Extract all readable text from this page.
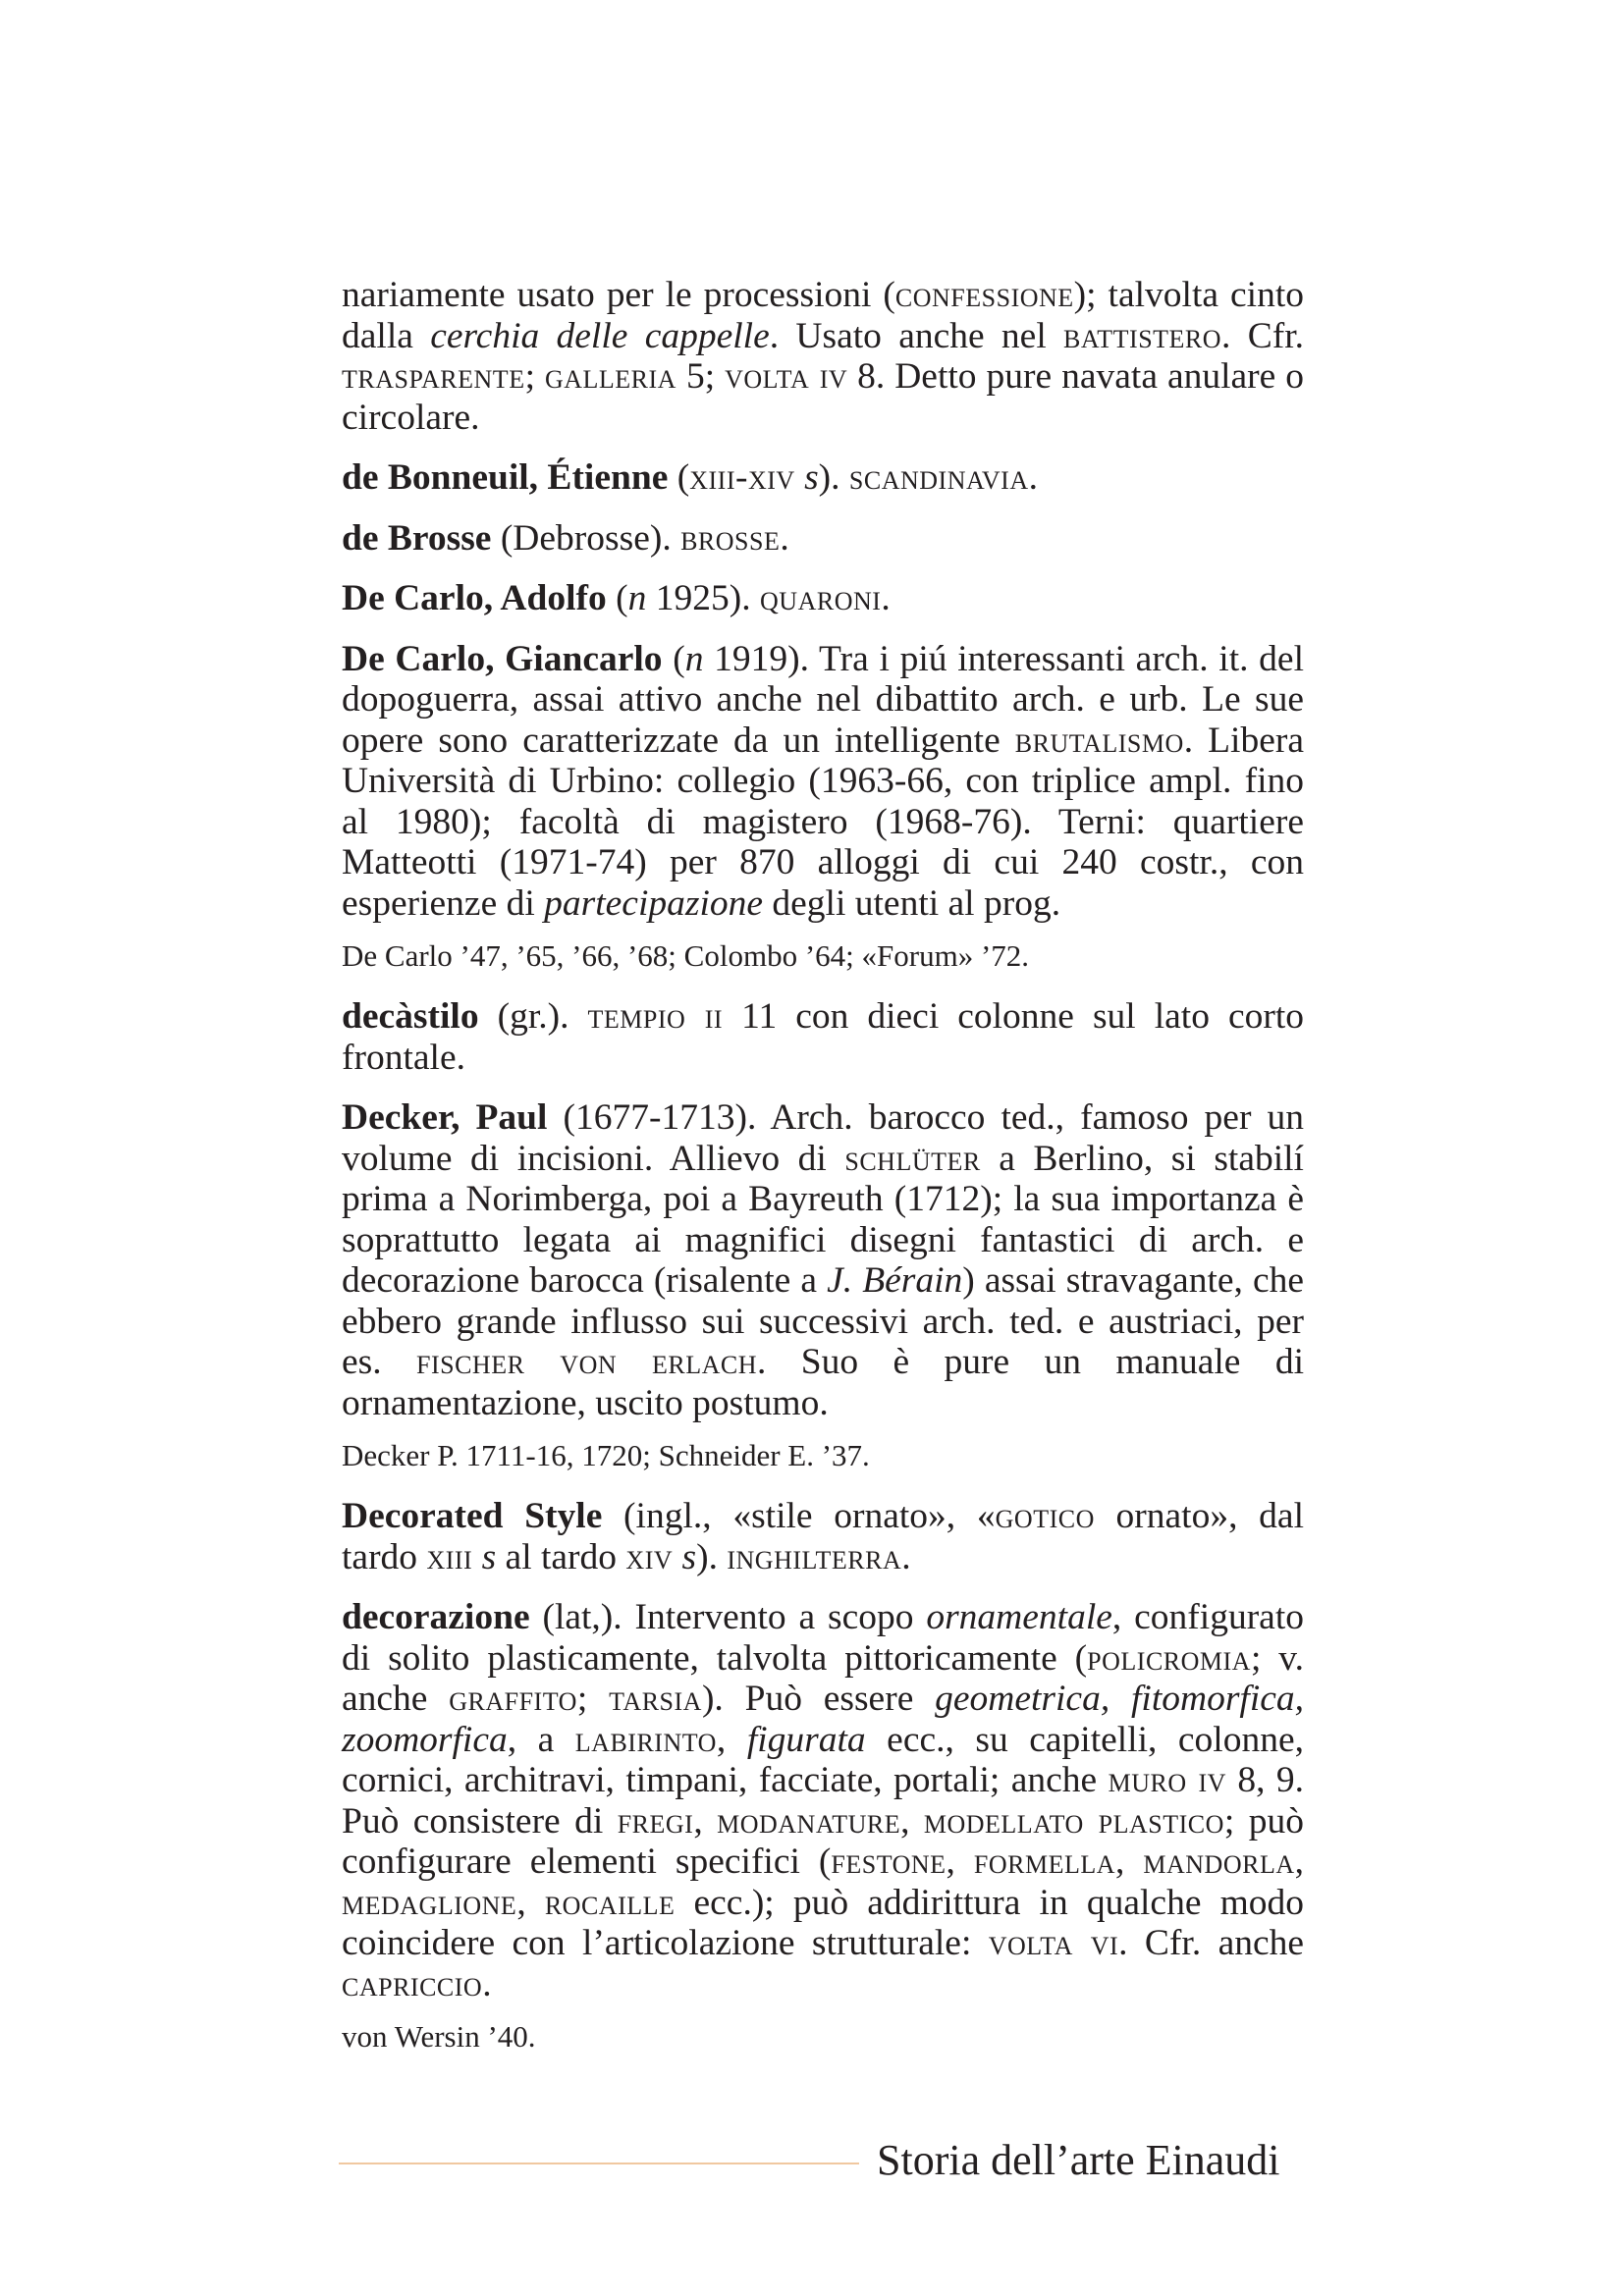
nariamente usato per le processioni (confessione); talvolta cinto dalla cerchia delle cappelle. Usato anche nel battistero. Cfr. trasparente; galleria 5; volta iv 8. Detto pure navata anulare o circolare.

de Bonneuil, Étienne (xiii-xiv s). scandinavia.

de Brosse (Debrosse). brosse.

De Carlo, Adolfo (n 1925). quaroni.

De Carlo, Giancarlo (n 1919). Tra i piú interessanti arch. it. del dopoguerra, assai attivo anche nel dibattito arch. e urb. Le sue opere sono caratterizzate da un intelligente brutalismo. Libera Università di Urbino: collegio (1963-66, con triplice ampl. fino al 1980); facoltà di magistero (1968-76). Terni: quartiere Matteotti (1971-74) per 870 alloggi di cui 240 costr., con esperienze di partecipazione degli utenti al prog.

De Carlo ’47, ’65, ’66, ’68; Colombo ’64; «Forum» ’72.

decàstilo (gr.). tempio ii 11 con dieci colonne sul lato corto frontale.

Decker, Paul (1677-1713). Arch. barocco ted., famoso per un volume di incisioni. Allievo di schlüter a Berlino, si stabilí prima a Norimberga, poi a Bayreuth (1712); la sua importanza è soprattutto legata ai magnifici disegni fantastici di arch. e decorazione barocca (risalente a J. Bérain) assai stravagante, che ebbero grande influsso sui successivi arch. ted. e austriaci, per es. fischer von erlach. Suo è pure un manuale di ornamentazione, uscito postumo.

Decker P. 1711-16, 1720; Schneider E. ’37.

Decorated Style (ingl., «stile ornato», «gotico ornato», dal tardo xiii s al tardo xiv s). inghilterra.

decorazione (lat,). Intervento a scopo ornamentale, configurato di solito plasticamente, talvolta pittoricamente (policromia; v. anche graffito; tarsia). Può essere geometrica, fitomorfica, zoomorfica, a labirinto, figurata ecc., su capitelli, colonne, cornici, architravi, timpani, facciate, portali; anche muro iv 8, 9. Può consistere di fregi, modanature, modellato plastico; può configurare elementi specifici (festone, formella, mandorla, medaglione, rocaille ecc.); può addirittura in qualche modo coincidere con l’articolazione strutturale: volta vi. Cfr. anche capriccio.

von Wersin ’40.

Storia dell’arte Einaudi
